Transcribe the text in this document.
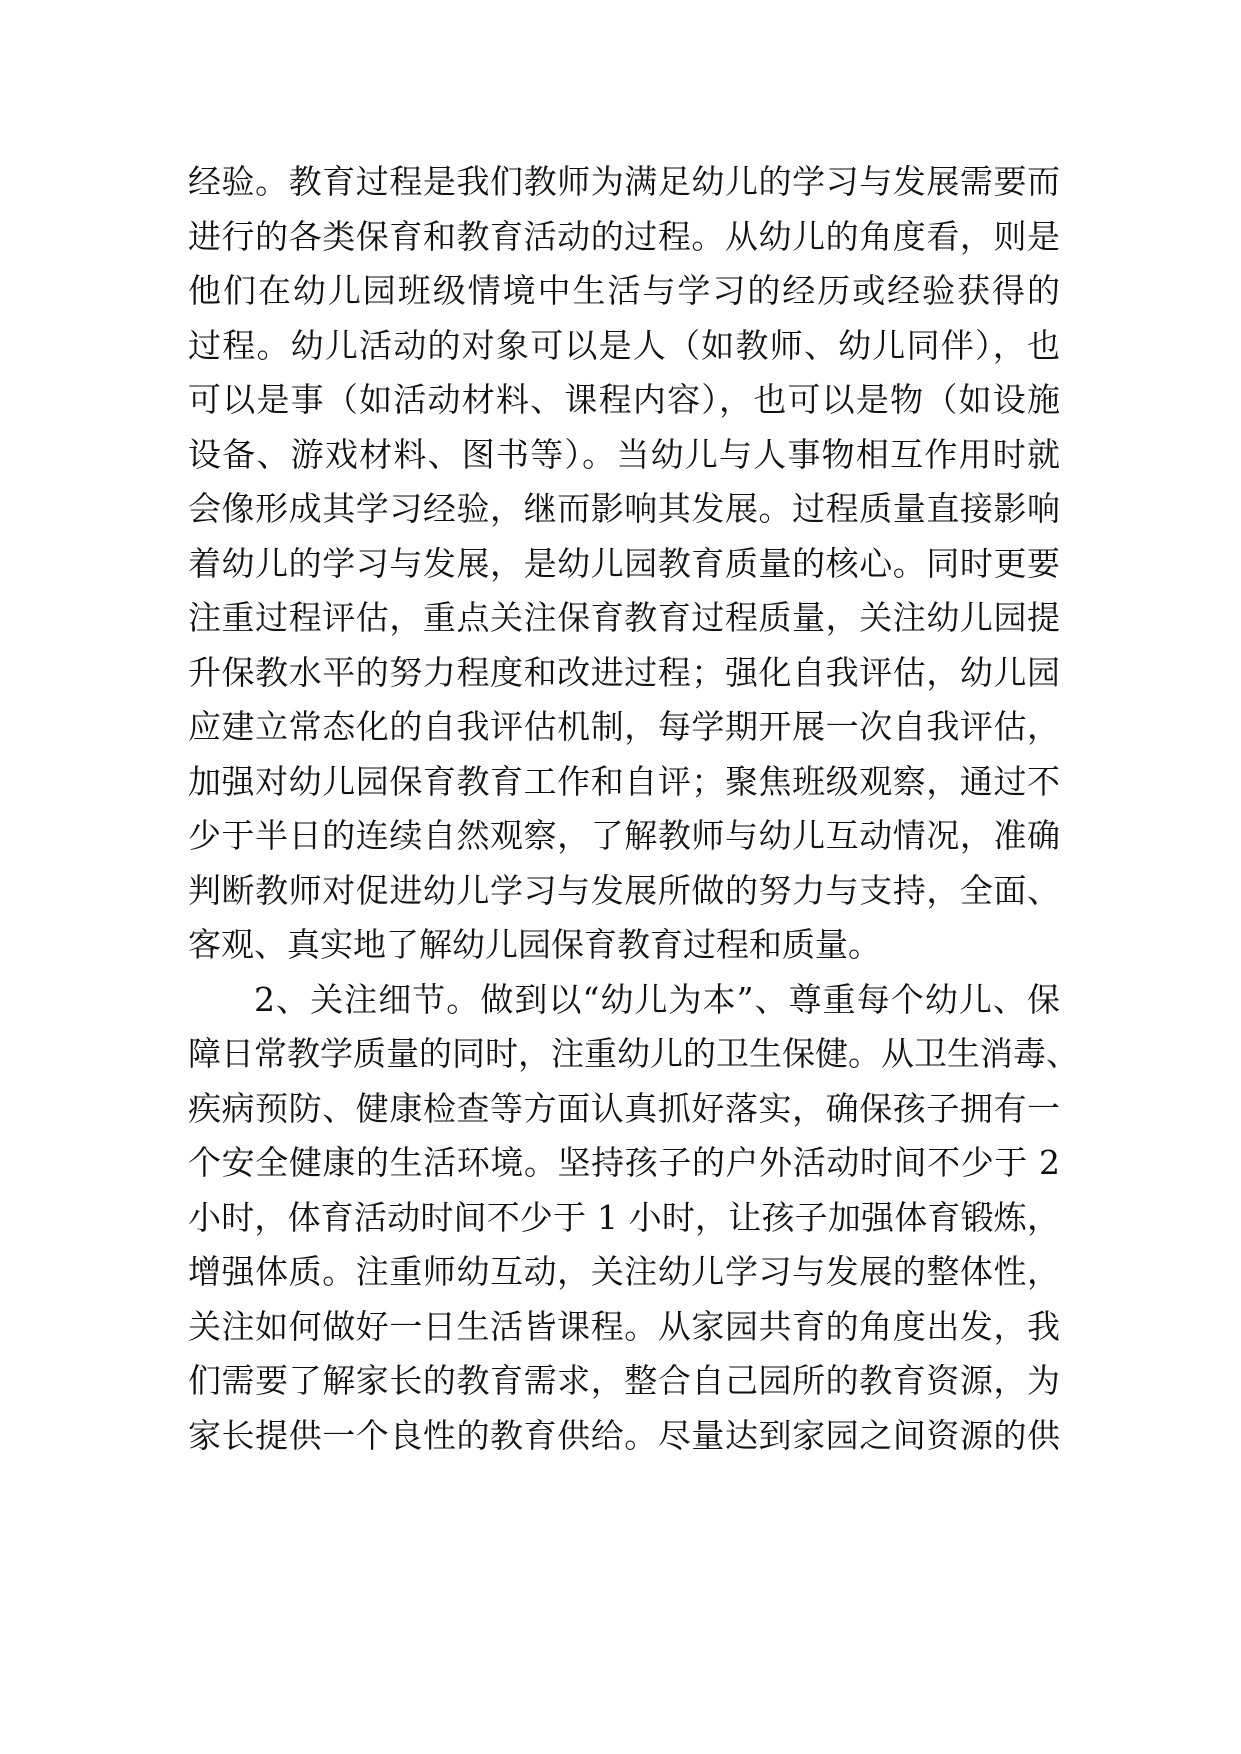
经验。教育过程是我们教师为满足幼儿的学习与发展需要而
进行的各类保育和教育活动的过程。从幼儿的角度看，则是
他们在幼儿园班级情境中生活与学习的经历或经验获得的
过程。幼儿活动的对象可以是人（如教师、幼儿同伴），也
可以是事（如活动材料、课程内容），也可以是物（如设施
设备、游戏材料、图书等）。当幼儿与人事物相互作用时就
会像形成其学习经验，继而影响其发展。过程质量直接影响
着幼儿的学习与发展，是幼儿园教育质量的核心。同时更要
注重过程评估，重点关注保育教育过程质量，关注幼儿园提
升保教水平的努力程度和改进过程；强化自我评估，幼儿园
应建立常态化的自我评估机制，每学期开展一次自我评估，
加强对幼儿园保育教育工作和自评；聚焦班级观察，通过不
少于半日的连续自然观察，了解教师与幼儿互动情况，准确
判断教师对促进幼儿学习与发展所做的努力与支持，全面、
客观、真实地了解幼儿园保育教育过程和质量。
2、关注细节。做到以“幼儿为本”、尊重每个幼儿、保
障日常教学质量的同时，注重幼儿的卫生保健。从卫生消毒、
疾病预防、健康检查等方面认真抓好落实，确保孩子拥有一
个安全健康的生活环境。坚持孩子的户外活动时间不少于 2
小时，体育活动时间不少于 1 小时，让孩子加强体育锻炼，
增强体质。注重师幼互动，关注幼儿学习与发展的整体性，
关注如何做好一日生活皆课程。从家园共育的角度出发，我
们需要了解家长的教育需求，整合自己园所的教育资源，为
家长提供一个良性的教育供给。尽量达到家园之间资源的供
